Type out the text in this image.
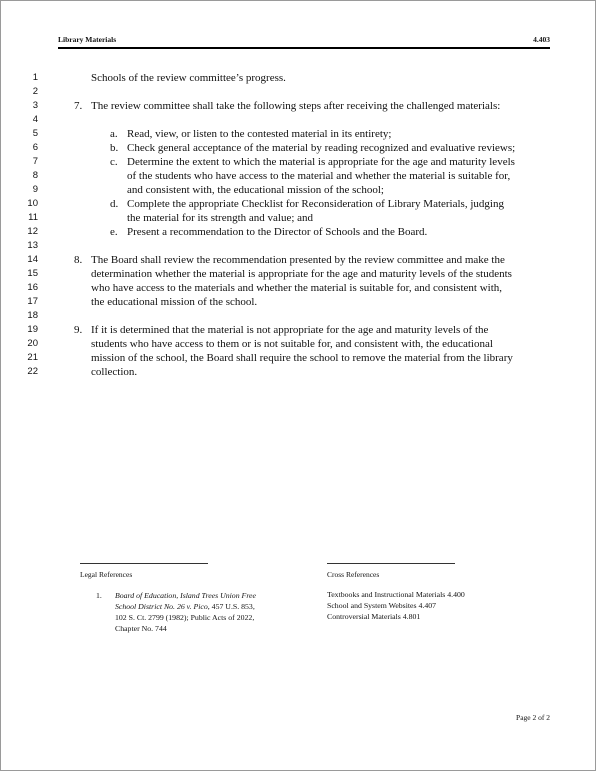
Library Materials	4.403
1
2
3
4
5
6
7
8
9
10
11
12
13
14
15
16
17
18
19
20
21
22
Schools of the review committee’s progress.
7. The review committee shall take the following steps after receiving the challenged materials:
a. Read, view, or listen to the contested material in its entirety;
b. Check general acceptance of the material by reading recognized and evaluative reviews;
c. Determine the extent to which the material is appropriate for the age and maturity levels
of the students who have access to the material and whether the material is suitable for,
and consistent with, the educational mission of the school;
d. Complete the appropriate Checklist for Reconsideration of Library Materials, judging
the material for its strength and value; and
e. Present a recommendation to the Director of Schools and the Board.
8. The Board shall review the recommendation presented by the review committee and make the
determination whether the material is appropriate for the age and maturity levels of the students
who have access to the materials and whether the material is suitable for, and consistent with,
the educational mission of the school.
9. If it is determined that the material is not appropriate for the age and maturity levels of the
students who have access to them or is not suitable for, and consistent with, the educational
mission of the school, the Board shall require the school to remove the material from the library
collection.
Legal References
1. Board of Education, Island Trees Union Free
School District No. 26 v. Pico, 457 U.S. 853,
102 S. Ct. 2799 (1982); Public Acts of 2022,
Chapter No. 744
Cross References
Textbooks and Instructional Materials 4.400
School and System Websites 4.407
Controversial Materials 4.801
Page 2 of 2
